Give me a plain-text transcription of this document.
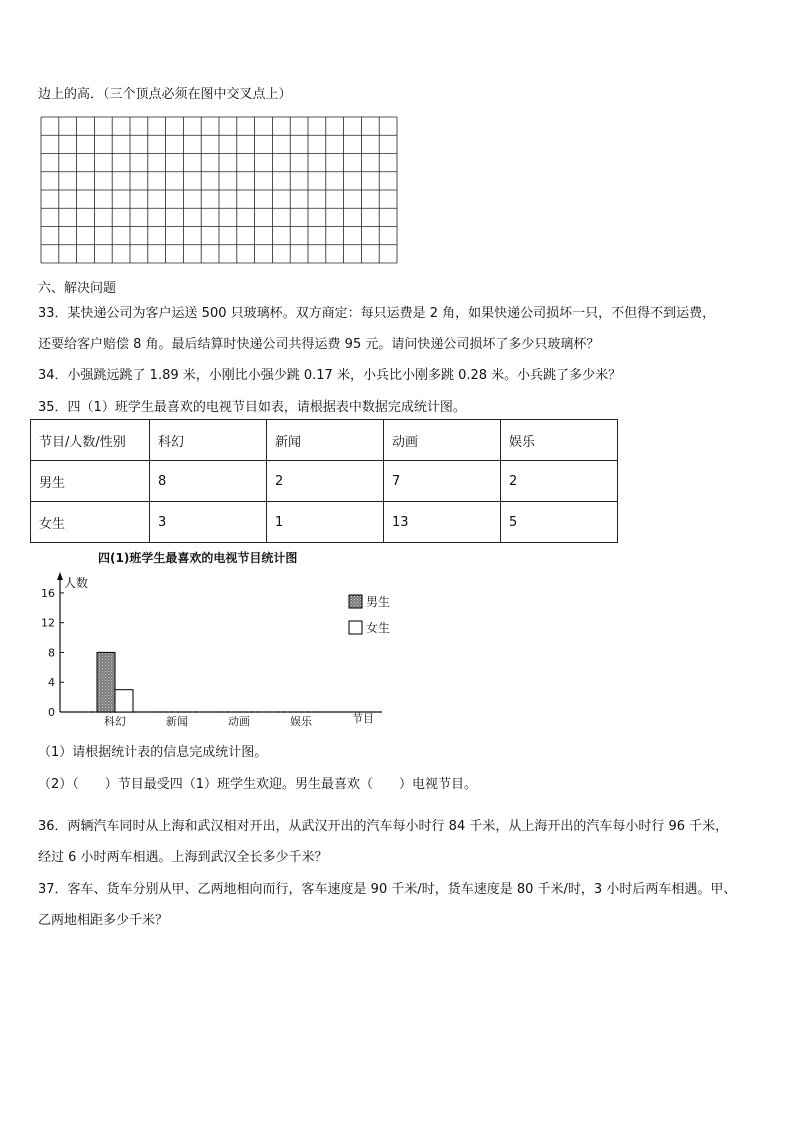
边上的高．（三个顶点必须在图中交叉点上）
六、解决问题
33．某快递公司为客户运送 500 只玻璃杯。双方商定：每只运费是 2 角，如果快递公司损坏一只，不但得不到运费，
还要给客户赔偿 8 角。最后结算时快递公司共得运费 95 元。请问快递公司损坏了多少只玻璃杯？
34．小强跳远跳了 1.89 米，小刚比小强少跳 0.17 米，小兵比小刚多跳 0.28 米。小兵跳了多少米？
35．四（1）班学生最喜欢的电视节目如表，请根据表中数据完成统计图。
节目/人数/性别	科幻	新闻	动画	娱乐
男生	8	2	7	2
女生	3	1	13	5
四(1)班学生最喜欢的电视节目统计图
人数
节目
0
4
8
12
16
科幻	新闻	动画	娱乐
男生
女生
（1）请根据统计表的信息完成统计图。
（2）（　　）节目最受四（1）班学生欢迎。男生最喜欢（　　）电视节目。
36．两辆汽车同时从上海和武汉相对开出，从武汉开出的汽车每小时行 84 千米，从上海开出的汽车每小时行 96 千米，
经过 6 小时两车相遇。上海到武汉全长多少千米？
37．客车、货车分别从甲、乙两地相向而行，客车速度是 90 千米/时，货车速度是 80 千米/时，3 小时后两车相遇。甲、
乙两地相距多少千米？
